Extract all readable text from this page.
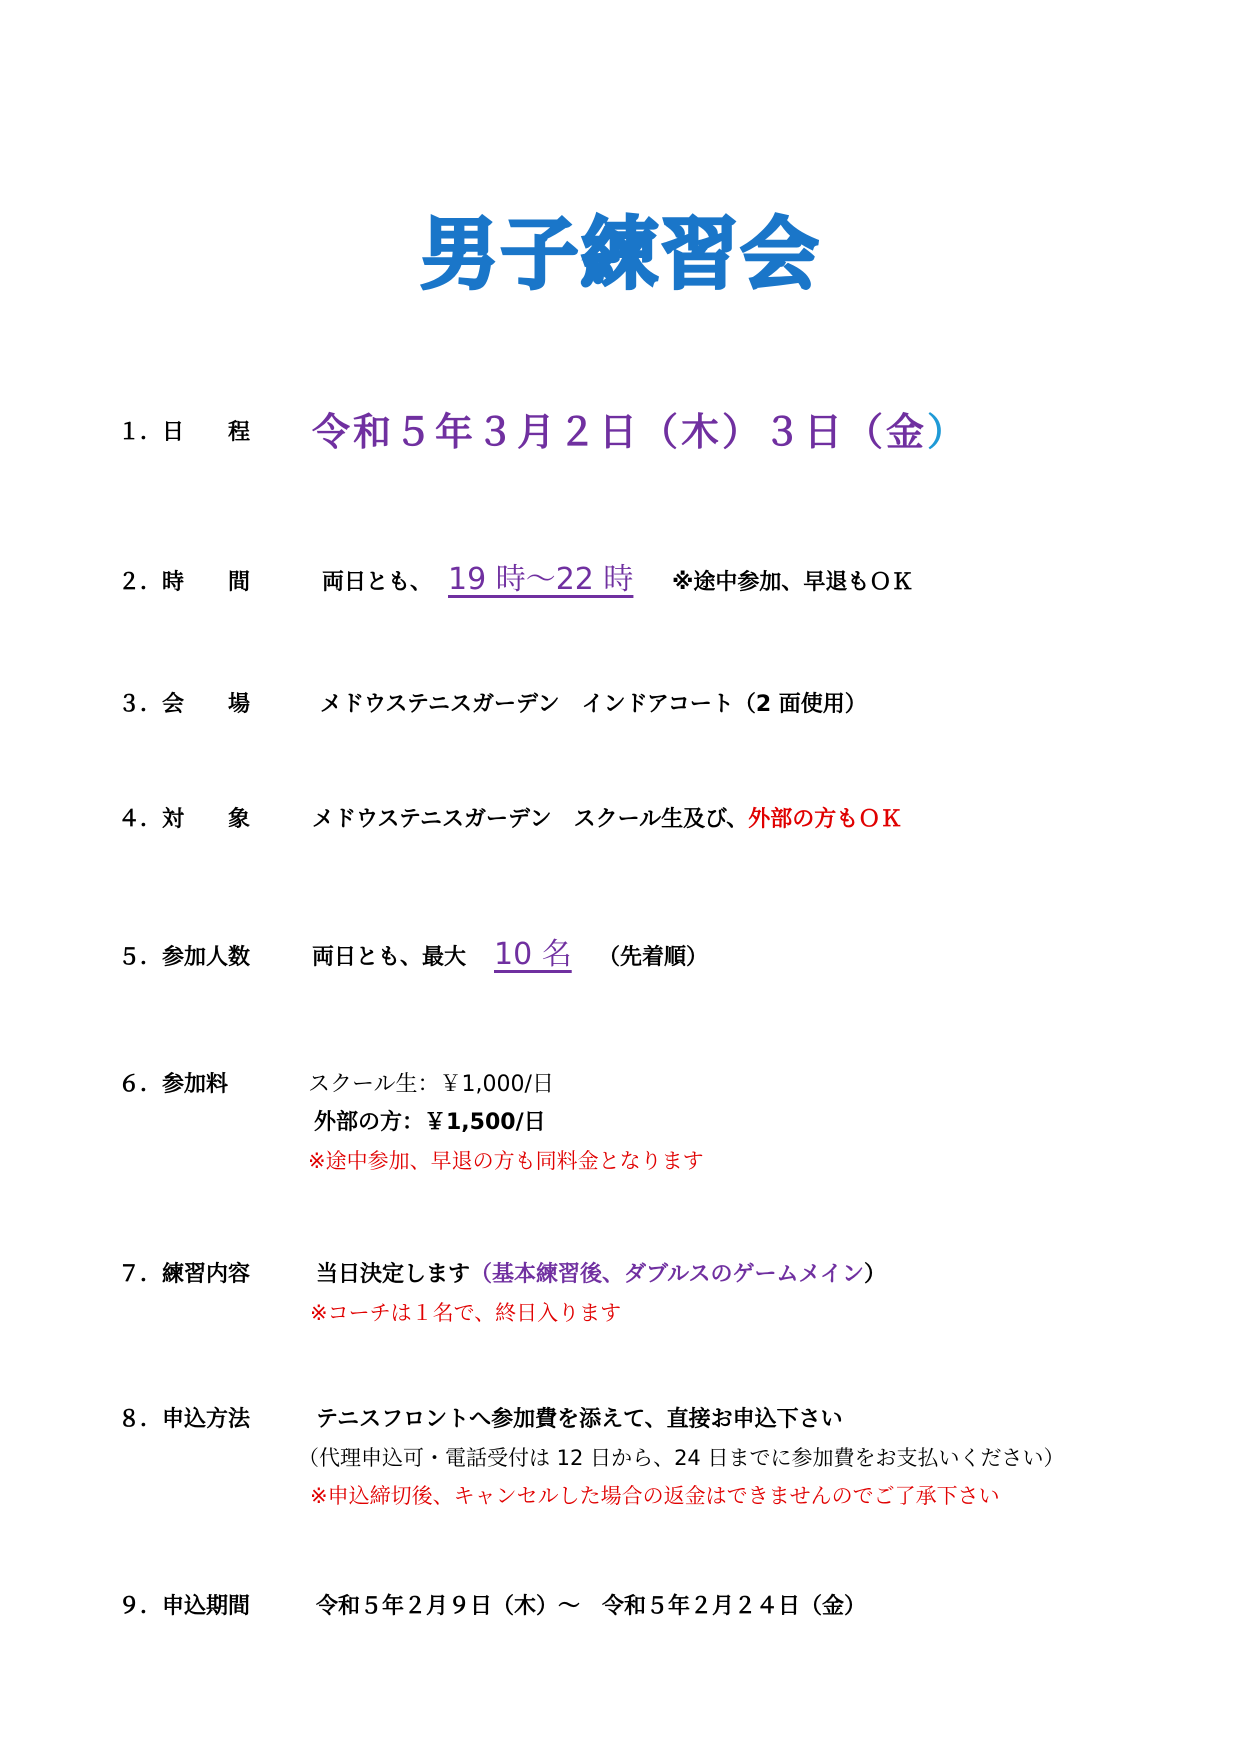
男子練習会
１．日　　程 令和５年３月２日（木）３日（金）
２．時　　間	両日とも、 19 時～22 時 ※途中参加、早退もＯＫ
３．会　　場	メドウステニスガーデン　インドアコート（2 面使用）
４．対　　象	メドウステニスガーデン　スクール生及び、外部の方もＯＫ
５．参加人数	両日とも、最大 10 名 （先着順）
６．参加料	スクール生：￥1,000/日
外部の方：￥1,500/日
※途中参加、早退の方も同料金となります
７．練習内容	当日決定します（基本練習後、ダブルスのゲームメイン）
※コーチは１名で、終日入ります
８．申込方法	テニスフロントへ参加費を添えて、直接お申込下さい
（代理申込可・電話受付は 12 日から、24 日までに参加費をお支払いください）
※申込締切後、キャンセルした場合の返金はできませんのでご了承下さい
９．申込期間	令和５年２月９日（木）～　令和５年２月２４日（金）
